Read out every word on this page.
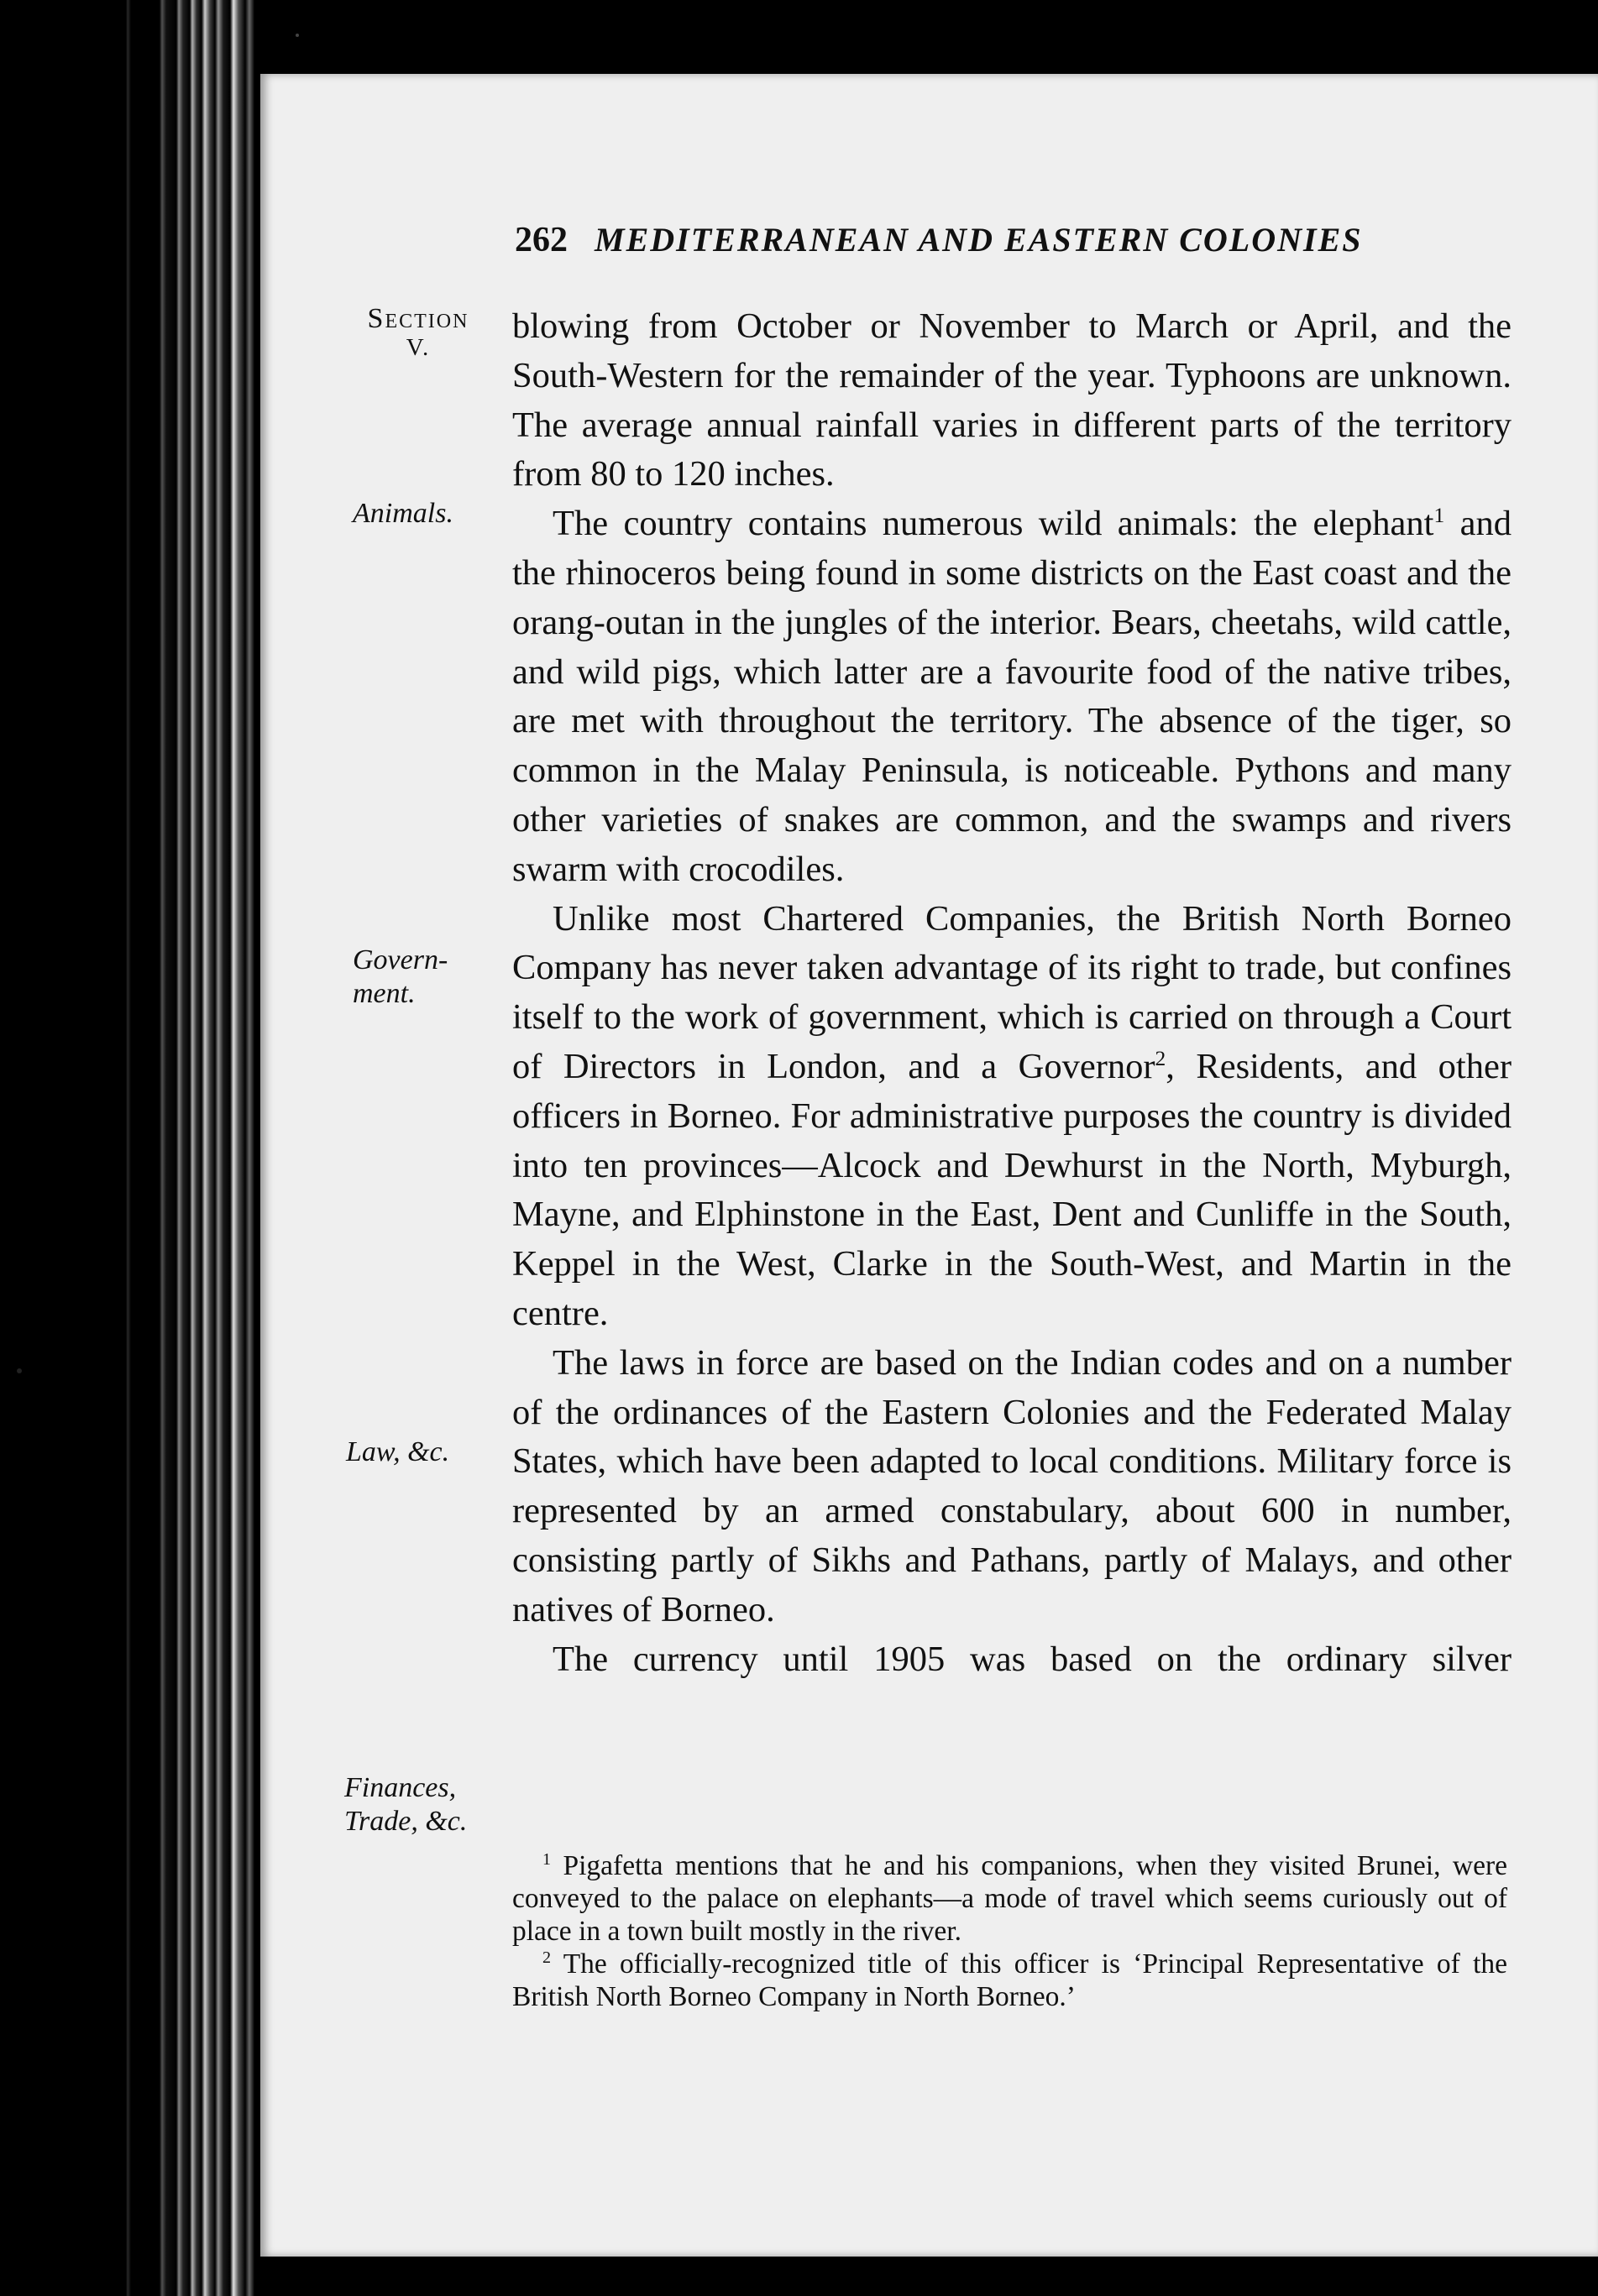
262 MEDITERRANEAN AND EASTERN COLONIES
Section
V.
Animals.
Govern-
ment.
Law, &c.
Finances,
Trade, &c.

blowing from October or November to March or April, and the South-Western for the remainder of the year. Typhoons are unknown. The average annual rainfall varies in different parts of the territory from 80 to 120 inches.

The country contains numerous wild animals: the elephant$^1$ and the rhinoceros being found in some districts on the East coast and the orang-outan in the jungles of the interior. Bears, cheetahs, wild cattle, and wild pigs, which latter are a favourite food of the native tribes, are met with throughout the territory. The absence of the tiger, so common in the Malay Peninsula, is noticeable. Pythons and many other varieties of snakes are common, and the swamps and rivers swarm with crocodiles.

Unlike most Chartered Companies, the British North Borneo Company has never taken advantage of its right to trade, but confines itself to the work of government, which is carried on through a Court of Directors in London, and a Governor$^2$, Residents, and other officers in Borneo. For administrative purposes the country is divided into ten provinces—Alcock and Dewhurst in the North, Myburgh, Mayne, and Elphinstone in the East, Dent and Cunliffe in the South, Keppel in the West, Clarke in the South-West, and Martin in the centre.

The laws in force are based on the Indian codes and on a number of the ordinances of the Eastern Colonies and the Federated Malay States, which have been adapted to local conditions. Military force is represented by an armed constabulary, about 600 in number, consisting partly of Sikhs and Pathans, partly of Malays, and other natives of Borneo.

The currency until 1905 was based on the ordinary silver

$^1$ Pigafetta mentions that he and his companions, when they visited Brunei, were conveyed to the palace on elephants—a mode of travel which seems curiously out of place in a town built mostly in the river.

$^2$ The officially-recognized title of this officer is ‘Principal Representative of the British North Borneo Company in North Borneo.’
